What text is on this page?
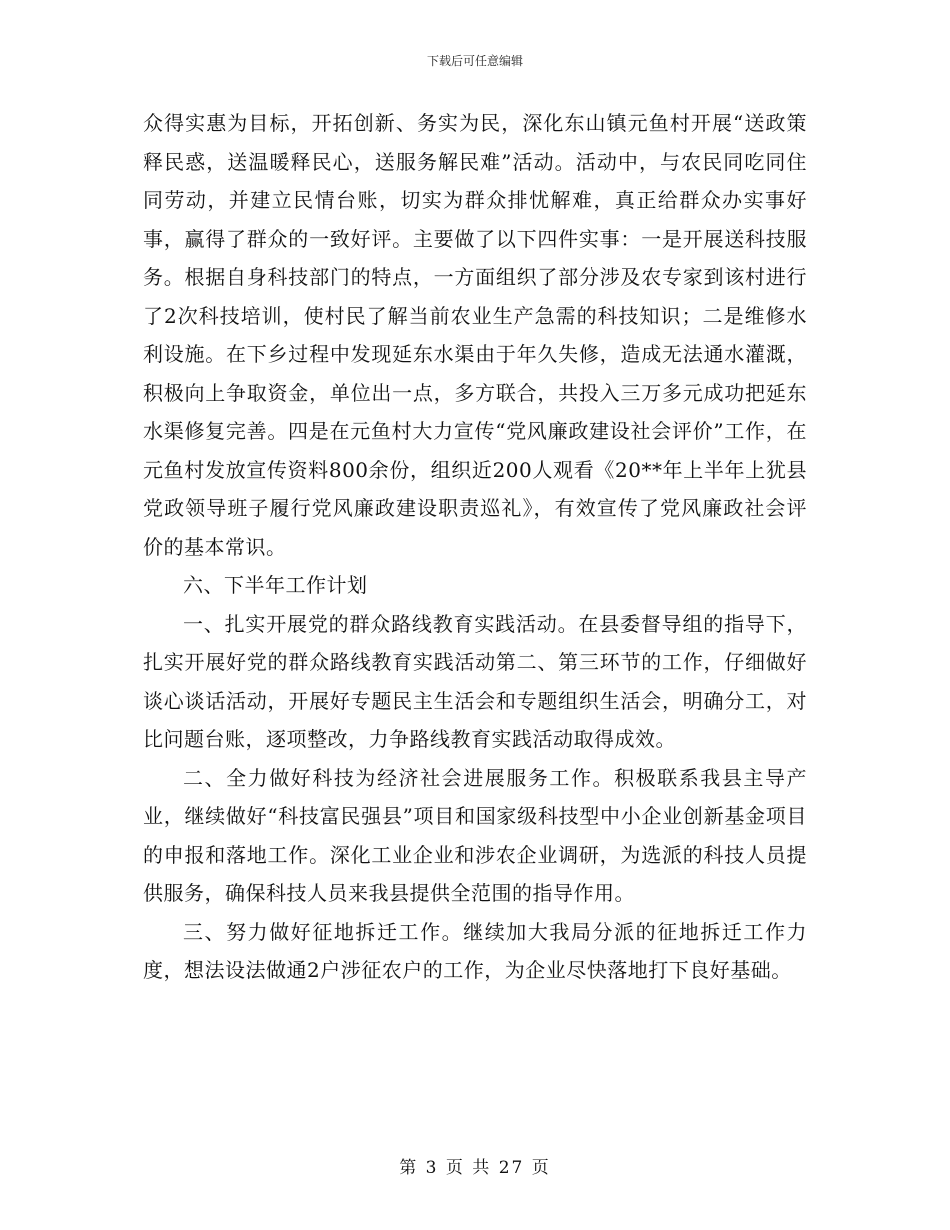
下载后可任意编辑

众得实惠为目标，开拓创新、务实为民，深化东山镇元鱼村开展“送政策释民惑，送温暖释民心，送服务解民难”活动。活动中，与农民同吃同住同劳动，并建立民情台账，切实为群众排忧解难，真正给群众办实事好事，赢得了群众的一致好评。主要做了以下四件实事：一是开展送科技服务。根据自身科技部门的特点，一方面组织了部分涉及农专家到该村进行了2次科技培训，使村民了解当前农业生产急需的科技知识；二是维修水利设施。在下乡过程中发现延东水渠由于年久失修，造成无法通水灌溉，积极向上争取资金，单位出一点，多方联合，共投入三万多元成功把延东水渠修复完善。四是在元鱼村大力宣传“党风廉政建设社会评价”工作，在元鱼村发放宣传资料800余份，组织近200人观看《20**年上半年上犹县党政领导班子履行党风廉政建设职责巡礼》，有效宣传了党风廉政社会评价的基本常识。

六、下半年工作计划

一、扎实开展党的群众路线教育实践活动。在县委督导组的指导下，扎实开展好党的群众路线教育实践活动第二、第三环节的工作，仔细做好谈心谈话活动，开展好专题民主生活会和专题组织生活会，明确分工，对比问题台账，逐项整改，力争路线教育实践活动取得成效。

二、全力做好科技为经济社会进展服务工作。积极联系我县主导产业，继续做好“科技富民强县”项目和国家级科技型中小企业创新基金项目的申报和落地工作。深化工业企业和涉农企业调研，为选派的科技人员提供服务，确保科技人员来我县提供全范围的指导作用。

三、努力做好征地拆迁工作。继续加大我局分派的征地拆迁工作力度，想法设法做通2户涉征农户的工作，为企业尽快落地打下良好基础。

第 3 页 共 27 页
